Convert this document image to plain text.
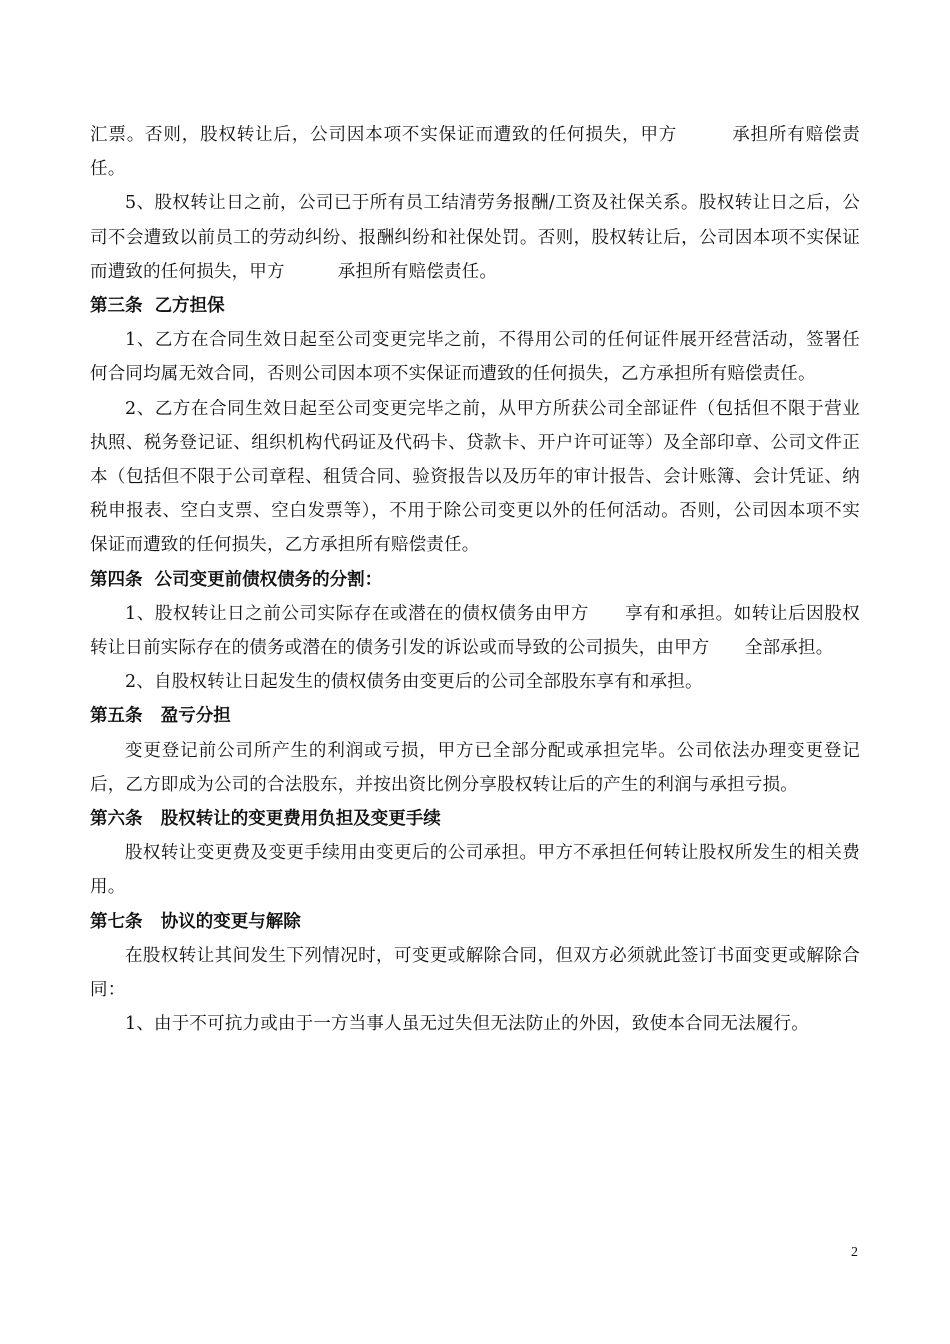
汇票。否则，股权转让后，公司因本项不实保证而遭致的任何损失，甲方　　　承担所有赔偿责任。

5、股权转让日之前，公司已于所有员工结清劳务报酬/工资及社保关系。股权转让日之后，公司不会遭致以前员工的劳动纠纷、报酬纠纷和社保处罚。否则，股权转让后，公司因本项不实保证而遭致的任何损失，甲方　　　承担所有赔偿责任。

第三条  乙方担保

1、乙方在合同生效日起至公司变更完毕之前，不得用公司的任何证件展开经营活动，签署任何合同均属无效合同，否则公司因本项不实保证而遭致的任何损失，乙方承担所有赔偿责任。

2、乙方在合同生效日起至公司变更完毕之前，从甲方所获公司全部证件（包括但不限于营业执照、税务登记证、组织机构代码证及代码卡、贷款卡、开户许可证等）及全部印章、公司文件正本（包括但不限于公司章程、租赁合同、验资报告以及历年的审计报告、会计账簿、会计凭证、纳税申报表、空白支票、空白发票等），不用于除公司变更以外的任何活动。否则，公司因本项不实保证而遭致的任何损失，乙方承担所有赔偿责任。

第四条  公司变更前债权债务的分割：

1、股权转让日之前公司实际存在或潜在的债权债务由甲方　　享有和承担。如转让后因股权转让日前实际存在的债务或潜在的债务引发的诉讼或而导致的公司损失，由甲方　　全部承担。

2、自股权转让日起发生的债权债务由变更后的公司全部股东享有和承担。

第五条   盈亏分担

变更登记前公司所产生的利润或亏损，甲方已全部分配或承担完毕。公司依法办理变更登记后，乙方即成为公司的合法股东，并按出资比例分享股权转让后的产生的利润与承担亏损。

第六条   股权转让的变更费用负担及变更手续

股权转让变更费及变更手续用由变更后的公司承担。甲方不承担任何转让股权所发生的相关费用。

第七条   协议的变更与解除

在股权转让其间发生下列情况时，可变更或解除合同，但双方必须就此签订书面变更或解除合同：

1、由于不可抗力或由于一方当事人虽无过失但无法防止的外因，致使本合同无法履行。

2
